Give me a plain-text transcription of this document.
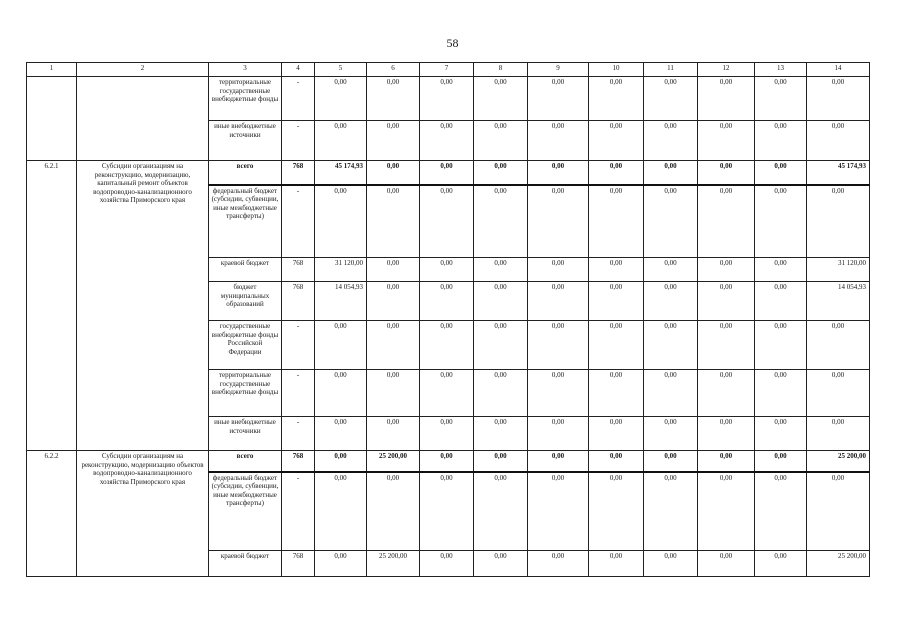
58
1	2	3	4	5	6	7	8	9	10	11	12	13	14
		территориальные государственные внебюджетные фонды	-	0,00	0,00	0,00	0,00	0,00	0,00	0,00	0,00	0,00	0,00
		иные внебюджетные источники	-	0,00	0,00	0,00	0,00	0,00	0,00	0,00	0,00	0,00	0,00
6.2.1	Субсидии организациям на реконструкцию, модернизацию, капитальный ремонт объектов водопроводно-канализационного хозяйства Приморского края	всего	768	45 174,93	0,00	0,00	0,00	0,00	0,00	0,00	0,00	0,00	45 174,93
		федеральный бюджет (субсидии, субвенции, иные межбюджетные трансферты)	-	0,00	0,00	0,00	0,00	0,00	0,00	0,00	0,00	0,00	0,00
		краевой бюджет	768	31 120,00	0,00	0,00	0,00	0,00	0,00	0,00	0,00	0,00	31 120,00
		бюджет муниципальных образований	768	14 054,93	0,00	0,00	0,00	0,00	0,00	0,00	0,00	0,00	14 054,93
		государственные внебюджетные фонды Российской Федерации	-	0,00	0,00	0,00	0,00	0,00	0,00	0,00	0,00	0,00	0,00
		территориальные государственные внебюджетные фонды	-	0,00	0,00	0,00	0,00	0,00	0,00	0,00	0,00	0,00	0,00
		иные внебюджетные источники	-	0,00	0,00	0,00	0,00	0,00	0,00	0,00	0,00	0,00	0,00
6.2.2	Субсидии организациям на реконструкцию, модернизацию объектов водопроводно-канализационного хозяйства Приморского края	всего	768	0,00	25 200,00	0,00	0,00	0,00	0,00	0,00	0,00	0,00	25 200,00
		федеральный бюджет (субсидии, субвенции, иные межбюджетные трансферты)	-	0,00	0,00	0,00	0,00	0,00	0,00	0,00	0,00	0,00	0,00
		краевой бюджет	768	0,00	25 200,00	0,00	0,00	0,00	0,00	0,00	0,00	0,00	25 200,00
